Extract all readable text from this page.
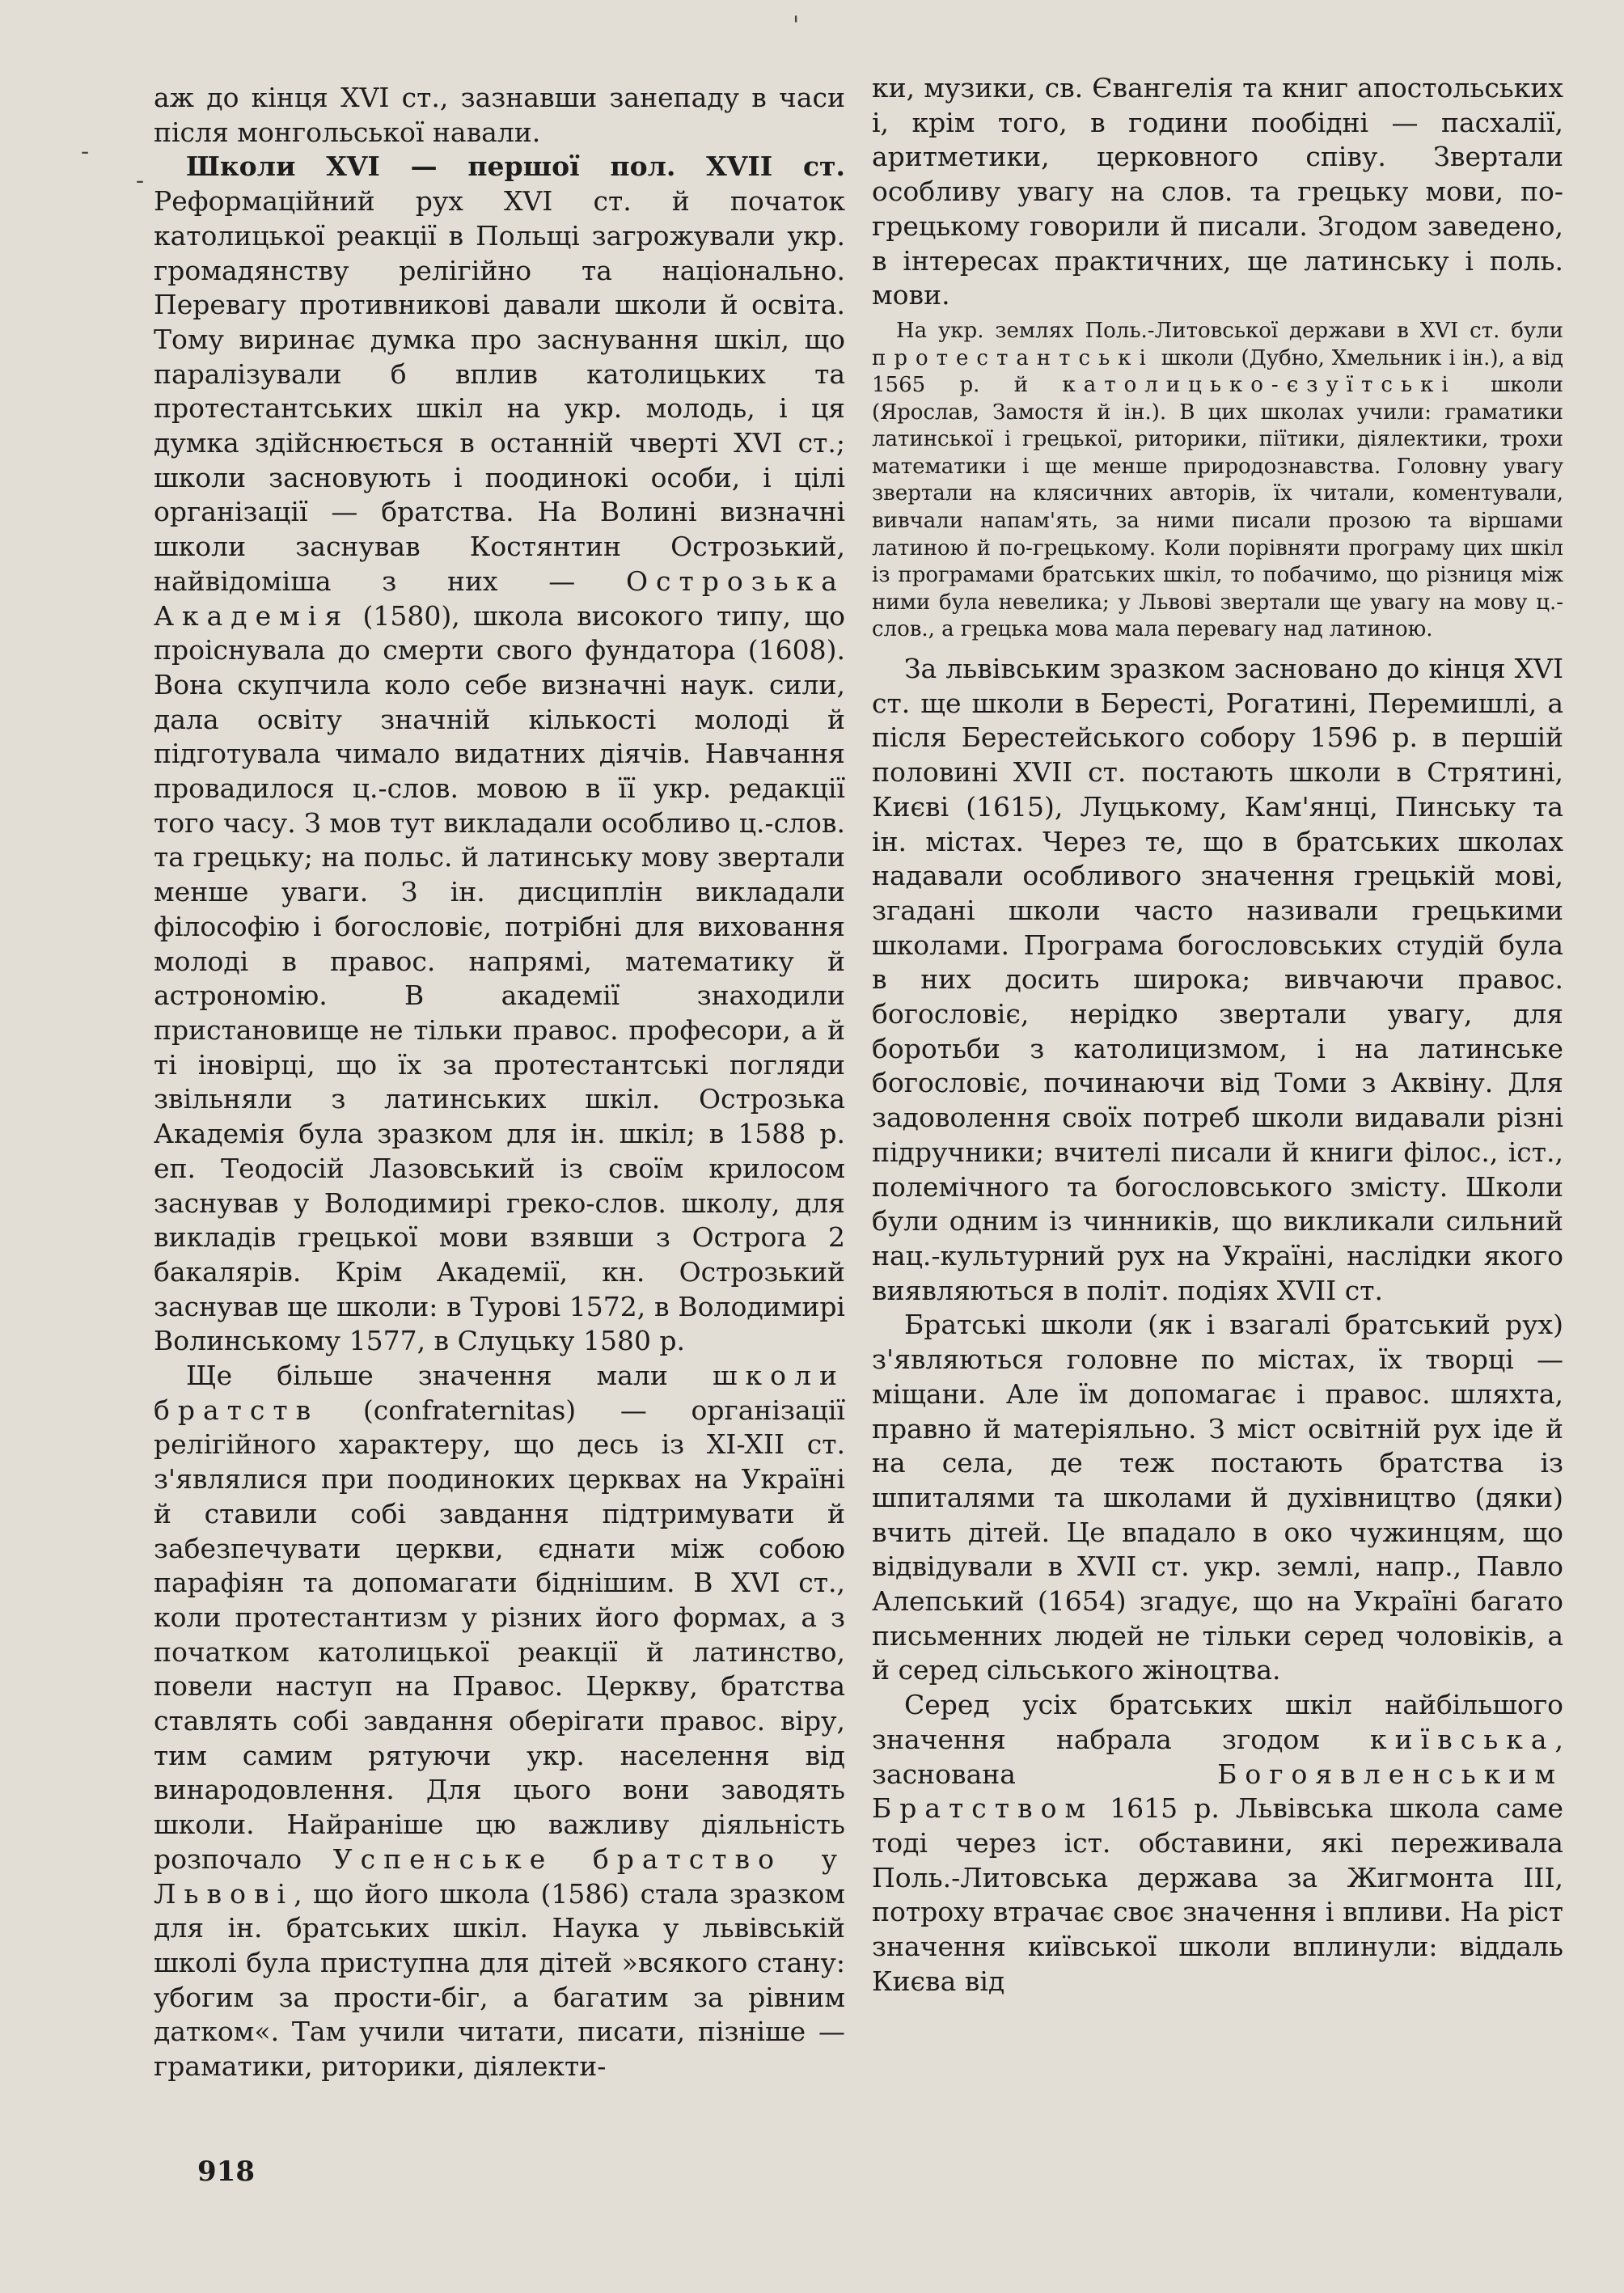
'
-
-

аж до кінця XVI ст., зазнавши занепаду в часи після монгольської навали.

Школи XVI — першої пол. XVII ст. Реформаційний рух XVI ст. й початок католицької реакції в Польщі загрожували укр. громадянству релігійно та національно. Перевагу противникові давали школи й освіта. Тому виринає думка про заснування шкіл, що паралізували б вплив католицьких та протестантських шкіл на укр. молодь, і ця думка здійснюється в останній чверті XVI ст.; школи засновують і поодинокі особи, і цілі організації — братства. На Волині визначні школи заснував Костянтин Острозький, найвідоміша з них — Острозька Академія (1580), школа високого типу, що проіснувала до смерти свого фундатора (1608). Вона скупчила коло себе визначні наук. сили, дала освіту значній кількості молоді й підготувала чимало видатних діячів. Навчання провадилося ц.-слов. мовою в її укр. редакції того часу. З мов тут викладали особливо ц.-слов. та грецьку; на польс. й латинську мову звертали менше уваги. З ін. дисциплін викладали філософію і богословіє, потрібні для виховання молоді в правос. напрямі, математику й астрономію. В академії знаходили пристановище не тільки правос. професори, а й ті іновірці, що їх за протестантські погляди звільняли з латинських шкіл. Острозька Академія була зразком для ін. шкіл; в 1588 р. еп. Теодосій Лазовський із своїм крилосом заснував у Володимирі греко-слов. школу, для викладів грецької мови взявши з Острога 2 бакалярів. Крім Академії, кн. Острозький заснував ще школи: в Турові 1572, в Володимирі Волинському 1577, в Слуцьку 1580 р.

Ще більше значення мали школи братств (confraternitas) — організації релігійного характеру, що десь із XI-XII ст. з'являлися при поодиноких церквах на Україні й ставили собі завдання підтримувати й забезпечувати церкви, єднати між собою парафіян та допомагати біднішим. В XVI ст., коли протестантизм у різних його формах, а з початком католицької реакції й латинство, повели наступ на Правос. Церкву, братства ставлять собі завдання оберігати правос. віру, тим самим рятуючи укр. населення від винародовлення. Для цього вони заводять школи. Найраніше цю важливу діяльність розпочало Успенське братство у Львові, що його школа (1586) стала зразком для ін. братських шкіл. Наука у львівській школі була приступна для дітей »всякого стану: убогим за прости-біг, а багатим за рівним датком«. Там учили читати, писати, пізніше — граматики, риторики, діялекти-

ки, музики, св. Євангелія та книг апостольських і, крім того, в години пообідні — пасхалії, аритметики, церковного співу. Звертали особливу увагу на слов. та грецьку мови, по-грецькому говорили й писали. Згодом заведено, в інтересах практичних, ще латинську і поль. мови.

На укр. землях Поль.-Литовської держави в XVI ст. були протестантські школи (Дубно, Хмельник і ін.), а від 1565 р. й католицько-єзуїтські школи (Ярослав, Замостя й ін.). В цих школах учили: граматики латинської і грецької, риторики, піїтики, діялектики, трохи математики і ще менше природознавства. Головну увагу звертали на клясичних авторів, їх читали, коментували, вивчали напам'ять, за ними писали прозою та віршами латиною й по-грецькому. Коли порівняти програму цих шкіл із програмами братських шкіл, то побачимо, що різниця між ними була невелика; у Львові звертали ще увагу на мову ц.-слов., а грецька мова мала перевагу над латиною.

За львівським зразком засновано до кінця XVI ст. ще школи в Бересті, Рогатині, Перемишлі, а після Берестейського собору 1596 р. в першій половині XVII ст. постають школи в Стрятині, Києві (1615), Луцькому, Кам'янці, Пинську та ін. містах. Через те, що в братських школах надавали особливого значення грецькій мові, згадані школи часто називали грецькими школами. Програма богословських студій була в них досить широка; вивчаючи правос. богословіє, нерідко звертали увагу, для боротьби з католицизмом, і на латинське богословіє, починаючи від Томи з Аквіну. Для задоволення своїх потреб школи видавали різні підручники; вчителі писали й книги філос., іст., полемічного та богословського змісту. Школи були одним із чинників, що викликали сильний нац.-культурний рух на Україні, наслідки якого виявляються в політ. подіях XVII ст.

Братські школи (як і взагалі братський рух) з'являються головне по містах, їх творці — міщани. Але їм допомагає і правос. шляхта, правно й матеріяльно. З міст освітній рух іде й на села, де теж постають братства із шпиталями та школами й духівництво (дяки) вчить дітей. Це впадало в око чужинцям, що відвідували в XVII ст. укр. землі, напр., Павло Алепський (1654) згадує, що на Україні багато письменних людей не тільки серед чоловіків, а й серед сільського жіноцтва.

Серед усіх братських шкіл найбільшого значення набрала згодом київська, заснована Богоявленським Братством 1615 р. Львівська школа саме тоді через іст. обставини, які переживала Поль.-Литовська держава за Жигмонта III, потроху втрачає своє значення і впливи. На ріст значення київської школи вплинули: віддаль Києва від

918
